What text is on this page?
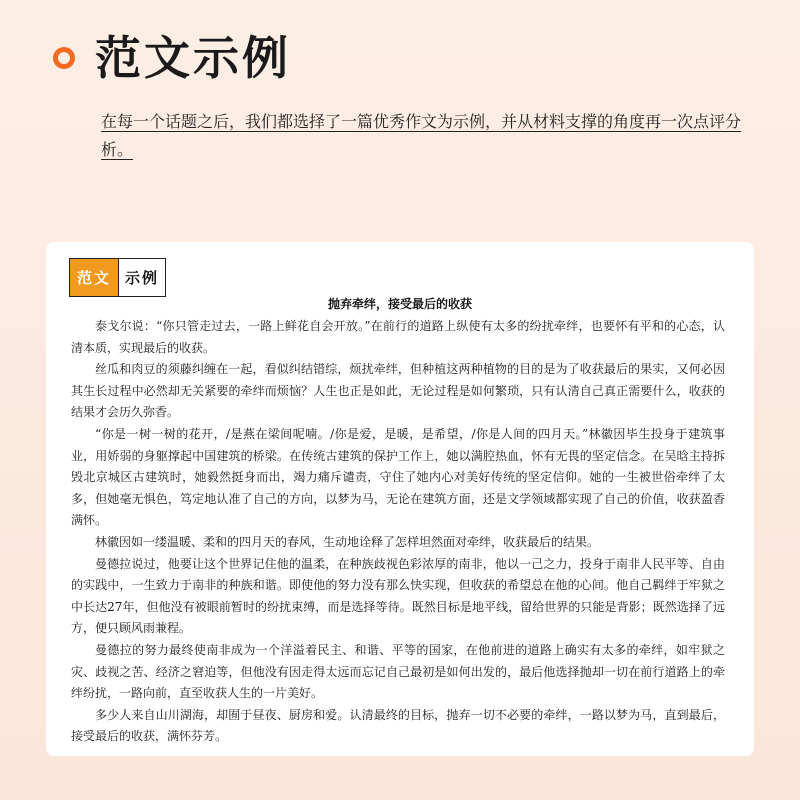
范文示例
在每一个话题之后，我们都选择了一篇优秀作文为示例，并从材料支撑的角度再一次点评分析。
范文 示例
抛弃牵绊，接受最后的收获

泰戈尔说：“你只管走过去，一路上鲜花自会开放。”在前行的道路上纵使有太多的纷扰牵绊，也要怀有平和的心态，认清本质，实现最后的收获。

丝瓜和肉豆的须藤纠缠在一起，看似纠结错综，烦扰牵绊，但种植这两种植物的目的是为了收获最后的果实，又何必因其生长过程中必然却无关紧要的牵绊而烦恼？人生也正是如此，无论过程是如何繁琐，只有认清自己真正需要什么，收获的结果才会历久弥香。

“你是一树一树的花开，/是燕在梁间呢喃。/你是爱，是暖，是希望，/你是人间的四月天。”林徽因毕生投身于建筑事业，用娇弱的身躯撑起中国建筑的桥梁。在传统古建筑的保护工作上，她以满腔热血，怀有无畏的坚定信念。在吴晗主持拆毁北京城区古建筑时，她毅然挺身而出，竭力痛斥谴责，守住了她内心对美好传统的坚定信仰。她的一生被世俗牵绊了太多，但她毫无惧色，笃定地认准了自己的方向，以梦为马，无论在建筑方面，还是文学领域都实现了自己的价值，收获盈香满怀。

林徽因如一缕温暖、柔和的四月天的春风，生动地诠释了怎样坦然面对牵绊，收获最后的结果。

曼德拉说过，他要让这个世界记住他的温柔，在种族歧视色彩浓厚的南非，他以一己之力，投身于南非人民平等、自由的实践中，一生致力于南非的种族和谐。即使他的努力没有那么快实现，但收获的希望总在他的心间。他自己羁绊于牢狱之中长达27年，但他没有被眼前暂时的纷扰束缚，而是选择等待。既然目标是地平线，留给世界的只能是背影；既然选择了远方，便只顾风雨兼程。

曼德拉的努力最终使南非成为一个洋溢着民主、和谐、平等的国家，在他前进的道路上确实有太多的牵绊，如牢狱之灾、歧视之苦、经济之窘迫等，但他没有因走得太远而忘记自己最初是如何出发的，最后他选择抛却一切在前行道路上的牵绊纷扰，一路向前，直至收获人生的一片美好。

多少人来自山川湖海，却囿于昼夜、厨房和爱。认清最终的目标，抛弃一切不必要的牵绊，一路以梦为马，直到最后，接受最后的收获，满怀芬芳。
